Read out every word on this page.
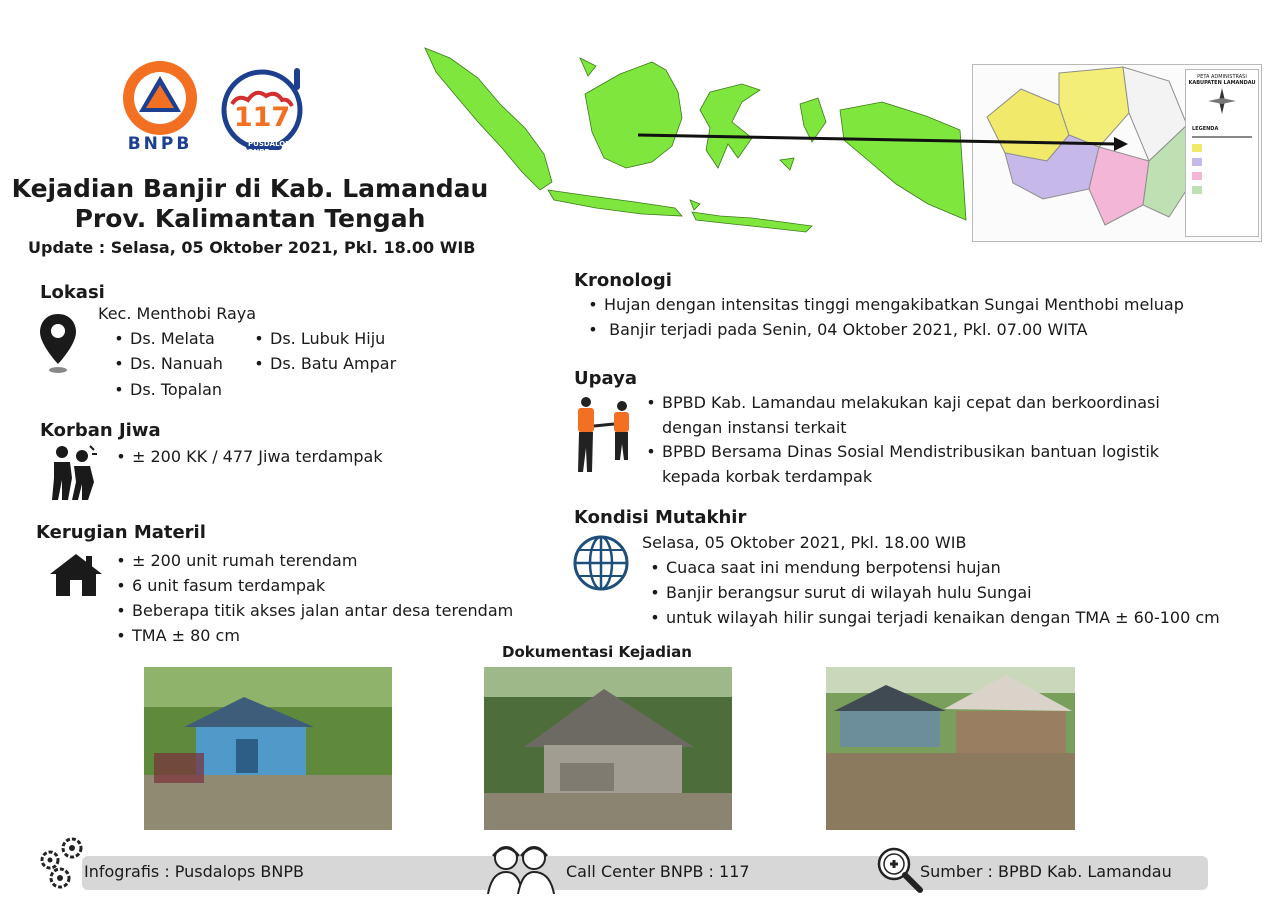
BNPB
117
PUSDALOPS BNPB
PETA ADMINISTRASI
KABUPATEN LAMANDAU
LEGENDA
Kejadian Banjir di Kab. Lamandau
Prov. Kalimantan Tengah
Update : Selasa, 05 Oktober 2021, Pkl. 18.00 WIB
Lokasi
Kec. Menthobi Raya
• Ds. Melata
• Ds. Nanuah
• Ds. Topalan
• Ds. Lubuk Hiju
• Ds. Batu Ampar
Korban Jiwa
• ± 200 KK / 477 Jiwa terdampak
Kerugian Materil
• ± 200 unit rumah terendam
• 6 unit fasum terdampak
• Beberapa titik akses jalan antar desa terendam
• TMA ± 80 cm
Kronologi
• Hujan dengan intensitas tinggi mengakibatkan Sungai Menthobi meluap
• Banjir terjadi pada Senin, 04 Oktober 2021, Pkl. 07.00 WITA
Upaya
• BPBD Kab. Lamandau melakukan kaji cepat dan berkoordinasi
dengan instansi terkait
• BPBD Bersama Dinas Sosial Mendistribusikan bantuan logistik
kepada korbak terdampak
Kondisi Mutakhir
Selasa, 05 Oktober 2021, Pkl. 18.00 WIB
• Cuaca saat ini mendung berpotensi hujan
• Banjir berangsur surut di wilayah hulu Sungai
• untuk wilayah hilir sungai terjadi kenaikan dengan TMA ± 60-100 cm
Dokumentasi Kejadian
Infografis : Pusdalops BNPB	Call Center BNPB : 117	Sumber : BPBD Kab. Lamandau
